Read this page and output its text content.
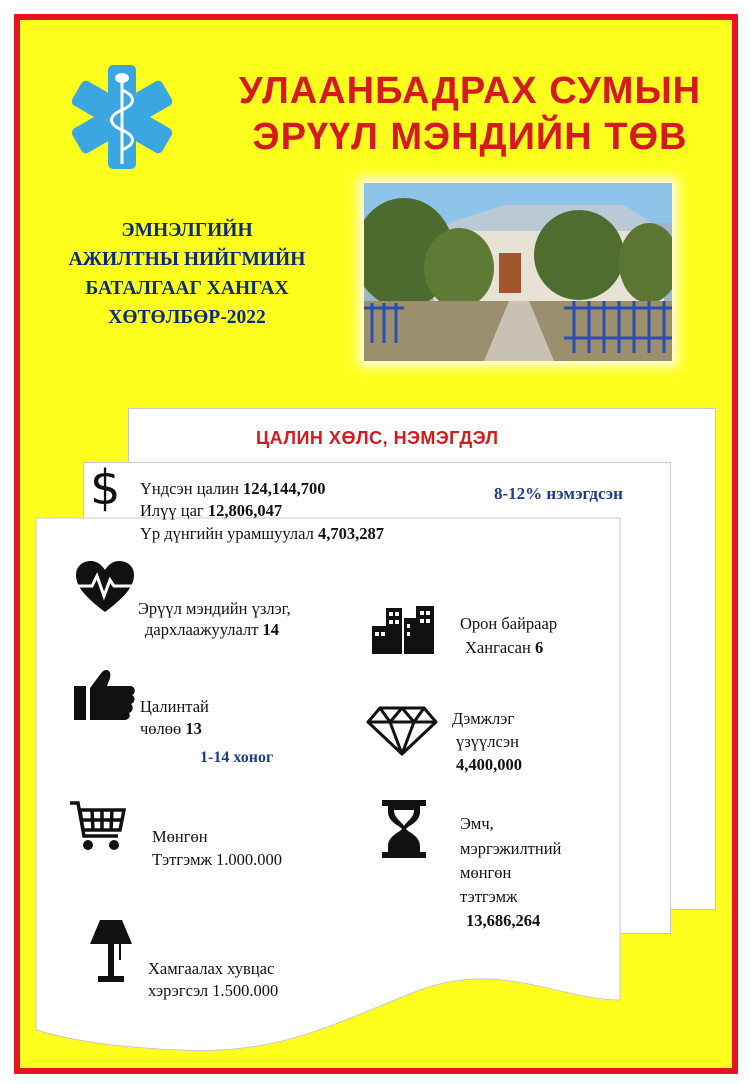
УЛААНБАДРАХ СУМЫН
ЭРҮҮЛ МЭНДИЙН ТӨВ
ЭМНЭЛГИЙН
АЖИЛТНЫ НИЙГМИЙН
БАТАЛГААГ ХАНГАХ
ХӨТӨЛБӨР-2022
ЦАЛИН ХӨЛС, НЭМЭГДЭЛ
$ Үндсэн цалин 124,144,700
Илүү цаг 12,806,047
Үр дүнгийн урамшуулал 4,703,287
8-12% нэмэгдсэн
Эрүүл мэндийн үзлэг,
дархлаажуулалт 14	Орон байраар
Хангасан 6
Цалинтай
чөлөө 13
1-14 хоног
Дэмжлэг
үзүүлсэн
4,400,000
Мөнгөн
Тэтгэмж 1.000.000
Эмч,
мэргэжилтний
мөнгөн
тэтгэмж
13,686,264
Хамгаалах хувцас
хэрэгсэл 1.500.000
